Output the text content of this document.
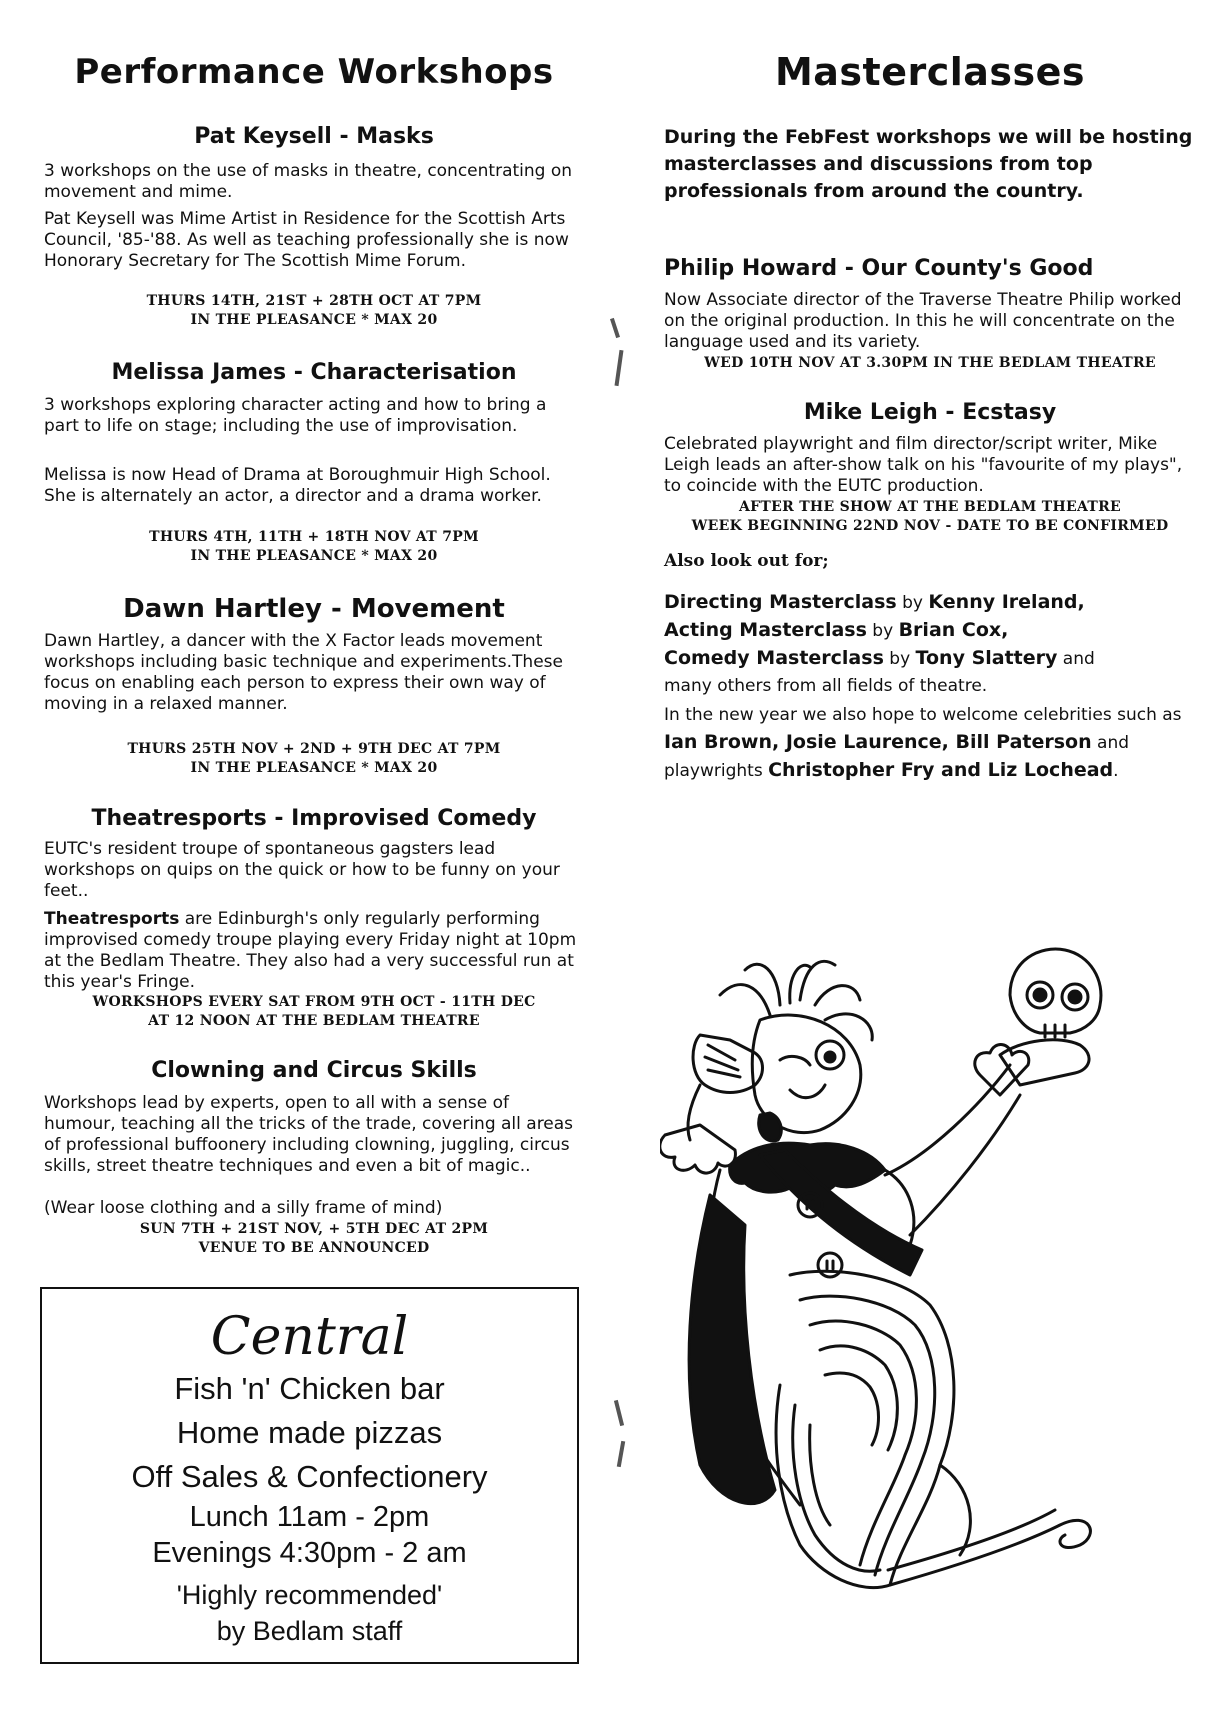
Performance Workshops
Pat Keysell - Masks

3 workshops on the use of masks in theatre, concentrating on movement and mime.

Pat Keysell was Mime Artist in Residence for the Scottish Arts Council, '85-'88. As well as teaching professionally she is now Honorary Secretary for The Scottish Mime Forum.

THURS 14TH, 21ST + 28TH OCT AT 7PM
IN THE PLEASANCE * MAX 20
Melissa James - Characterisation

3 workshops exploring character acting and how to bring a part to life on stage; including the use of improvisation.

Melissa is now Head of Drama at Boroughmuir High School. She is alternately an actor, a director and a drama worker.

THURS 4TH, 11TH + 18TH NOV AT 7PM
IN THE PLEASANCE * MAX 20
Dawn Hartley - Movement

Dawn Hartley, a dancer with the X Factor leads movement workshops including basic technique and experiments.These focus on enabling each person to express their own way of moving in a relaxed manner.

THURS 25TH NOV + 2ND + 9TH DEC AT 7PM
IN THE PLEASANCE * MAX 20
Theatresports - Improvised Comedy

EUTC's resident troupe of spontaneous gagsters lead workshops on quips on the quick or how to be funny on your feet..

Theatresports are Edinburgh's only regularly performing improvised comedy troupe playing every Friday night at 10pm at the Bedlam Theatre. They also had a very successful run at this year's Fringe.

WORKSHOPS EVERY SAT FROM 9TH OCT - 11TH DEC
AT 12 NOON AT THE BEDLAM THEATRE
Clowning and Circus Skills

Workshops lead by experts, open to all with a sense of humour, teaching all the tricks of the trade, covering all areas of professional buffoonery including clowning, juggling, circus skills, street theatre techniques and even a bit of magic..

(Wear loose clothing and a silly frame of mind)

SUN 7TH + 21ST NOV, + 5TH DEC AT 2PM
VENUE TO BE ANNOUNCED
Central
Fish 'n' Chicken bar
Home made pizzas
Off Sales & Confectionery
Lunch 11am - 2pm
Evenings 4:30pm - 2 am
'Highly recommended'
by Bedlam staff
Masterclasses

During the FebFest workshops we will be hosting masterclasses and discussions from top professionals from around the country.

Philip Howard - Our County's Good

Now Associate director of the Traverse Theatre Philip worked on the original production. In this he will concentrate on the language used and its variety.

WED 10TH NOV AT 3.30PM IN THE BEDLAM THEATRE
Mike Leigh - Ecstasy

Celebrated playwright and film director/script writer, Mike Leigh leads an after-show talk on his "favourite of my plays", to coincide with the EUTC production.

AFTER THE SHOW AT THE BEDLAM THEATRE
WEEK BEGINNING 22ND NOV - DATE TO BE CONFIRMED

Also look out for;

Directing Masterclass by Kenny Ireland,
Acting Masterclass by Brian Cox,
Comedy Masterclass by Tony Slattery and
many others from all fields of theatre.

In the new year we also hope to welcome celebrities such as Ian Brown, Josie Laurence, Bill Paterson and playwrights Christopher Fry and Liz Lochead.
